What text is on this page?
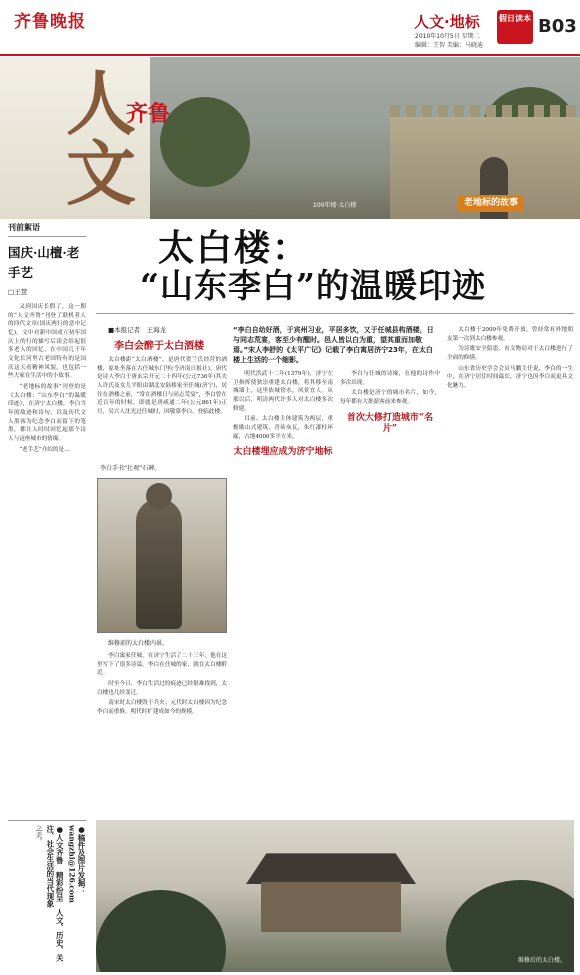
齐鲁晚报	人文·地标
2010年10月5日 星期二
编辑：王智 美编：马晓迪
假日读本 B03
人文
齐鲁
100年楼·太白楼	老地标的故事
刊前絮语
国庆·山檀·老手艺
□王慧

又到国庆长假了，这一期的“人文齐鲁”刊登了联机者人的四代文章(国庆两行的意中记忆)。文中对新中国成立初年国庆上的行的描写后读会给起很多老人的回忆，在中国几千年文化长河里古老国特有的是国庆这天看精神风貌，也包括一些大家在生活中的小故事。

“老地标的故事”刊登的是《太白楼：“山东李白”的温暖印迹》，在济宁太白楼，李白当年的故迹和诗句，以及历代文人墨客为纪念李白而留下的笔墨，都让人时时回忆起那个诗人与这座城市的情缘。

“老手艺”介绍的是…

●稿件及图片发掘：wangzhi@126.com
●人文齐鲁　精彩纷呈　人文、历史、关注、社会生活的当代现象
之美。
太白楼：
“山东李白”的温暖印迹
■本报记者　王海龙
李白会醉于太白酒楼
“李白自幼好酒，于宾州习业，平居多饮，又于任城县构酒楼，日与同志荒宴，客至少有醒时。邑人皆以白为重，望其重而加敬焉。”宋人李舒的《太平广记》记载了李白寓居济宁23年，在太白楼上生活的一个缩影。

太白楼距“太白酒楼”，是唐代贺兰氏经营的酒楼，原址坐落在古任城东门里(今济南日报社)。唐代是诗人李白于唐玄宗开元二十四年(公元736年)其夫人许氏及女儿平阳由湖北安陆移家至任城(济宁)，居住在酒楼之前，“常在酒楼日与同志荒宴”，李白曾在近百年的时候，即就是唐咸通二年(公元861年)正月，吴兴人沈光过任城时，因敬慕李白，登临此楼。

李白手书“壮观”石碑。
维修前的太白楼内景。

李白寓家任城，在济宁生活了二十三年，他在这里写下了很多诗篇。李白在任城的家，就在太白楼附近。

时至今日，李白生活过的痕迹已经很难找到，太白楼也几经变迁。

南宋时太白楼毁于兵火；元代时太白楼因为纪念李白而重修，明代时扩建成如今的规模。

明代洪武十二年(1379年)，济宁左卫指挥使狄崇重建太白楼，将其移至南城墙上，这里依城傍水，风景宜人。从那以后，明清两代许多人对太白楼多次修建。

目前，太白楼主体建筑为两层，重檐歇山式建筑，青砖灰瓦，朱红漆柱环廊，占地4000多平方米。

太白楼埋应成为济宁地标

李白与任城的诗缘，在他的诗作中多次出现。

太白楼是济宁的城市名片，如今，每年都有大批游客前来参观。

首次大修打造城市“名片”

太白楼于2009年免费开放，曾经常有外地朋友第一次到太白楼参观。

为诗歌安全隐患，市文物局对于太白楼进行了全面的修缮。

山东省历史学会会员马鹏主任说，李白的一生中，在济宁居住时间最长，济宁也因李白而更具文化魅力。

维修后的太白楼。
